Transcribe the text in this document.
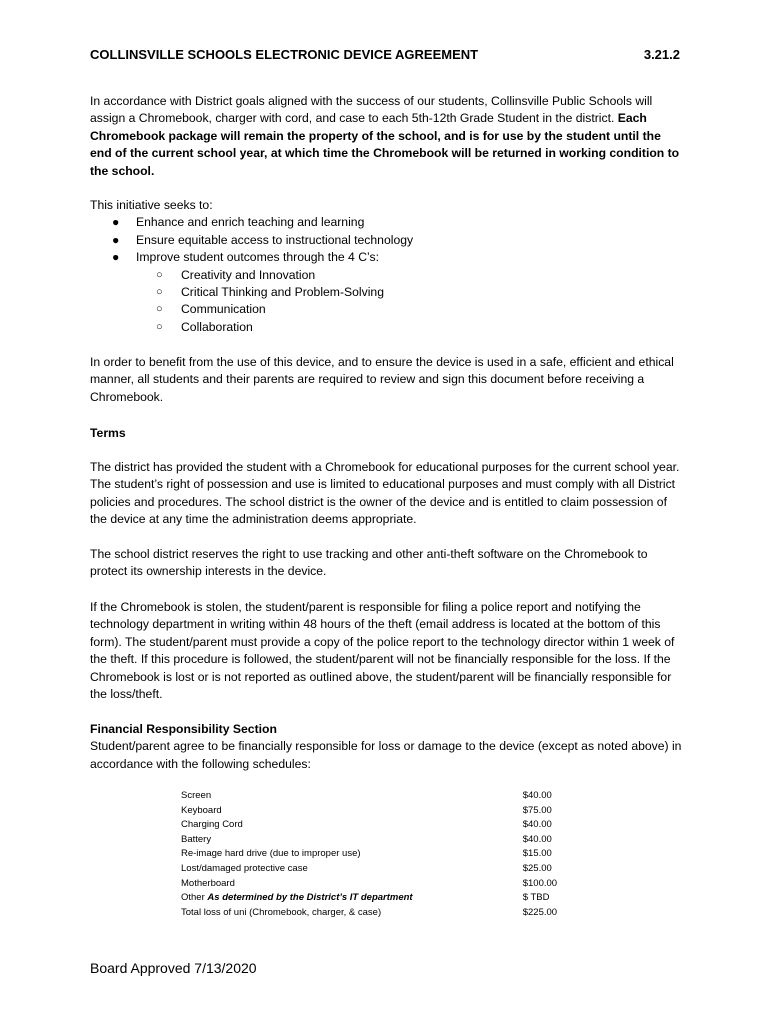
COLLINSVILLE SCHOOLS ELECTRONIC DEVICE AGREEMENT	3.21.2

In accordance with District goals aligned with the success of our students, Collinsville Public Schools will assign a Chromebook, charger with cord, and case to each 5th-12th Grade Student in the district. Each Chromebook package will remain the property of the school, and is for use by the student until the end of the current school year, at which time the Chromebook will be returned in working condition to the school.

This initiative seeks to:

● Enhance and enrich teaching and learning
● Ensure equitable access to instructional technology
● Improve student outcomes through the 4 C’s:
○ Creativity and Innovation
○ Critical Thinking and Problem-Solving
○ Communication
○ Collaboration

In order to benefit from the use of this device, and to ensure the device is used in a safe, efficient and ethical manner, all students and their parents are required to review and sign this document before receiving a Chromebook.

Terms

The district has provided the student with a Chromebook for educational purposes for the current school year. The student’s right of possession and use is limited to educational purposes and must comply with all District policies and procedures. The school district is the owner of the device and is entitled to claim possession of the device at any time the administration deems appropriate.

The school district reserves the right to use tracking and other anti-theft software on the Chromebook to protect its ownership interests in the device.

If the Chromebook is stolen, the student/parent is responsible for filing a police report and notifying the technology department in writing within 48 hours of the theft (email address is located at the bottom of this form). The student/parent must provide a copy of the police report to the technology director within 1 week of the theft. If this procedure is followed, the student/parent will not be financially responsible for the loss. If the Chromebook is lost or is not reported as outlined above, the student/parent will be financially responsible for the loss/theft.

Financial Responsibility Section

Student/parent agree to be financially responsible for loss or damage to the device (except as noted above) in accordance with the following schedules:

Screen	$40.00
Keyboard	$75.00
Charging Cord	$40.00
Battery	$40.00
Re-image hard drive (due to improper use)	$15.00
Lost/damaged protective case	$25.00
Motherboard	$100.00
Other As determined by the District’s IT department	$ TBD
Total loss of uni (Chromebook, charger, & case)	$225.00
Board Approved 7/13/2020
